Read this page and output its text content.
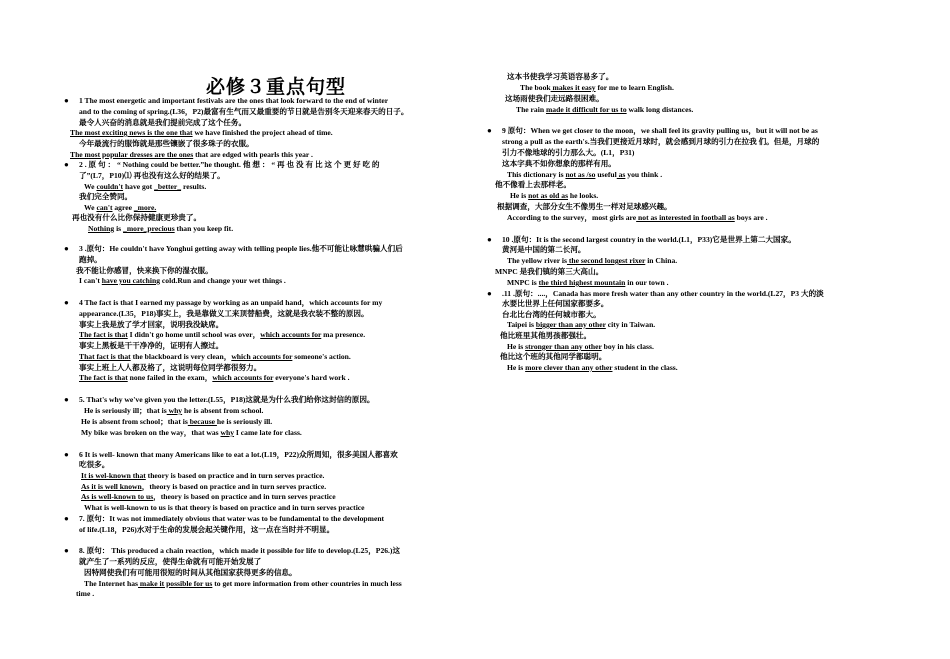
必修３重点句型
● 1 The most energetic and important festivals are the ones that look forward to the end of winter
and to the coming of spring.(L36，P2)最富有生气而又最重要的节日就是告别冬天迎来春天的日子。
最令人兴奋的消息就是我们提前完成了这个任务。
The most exciting news is the one that we have finished the project ahead of time.
今年最流行的服饰就是那些镶嵌了很多珠子的衣服。
The most popular dresses are the ones that are edged with pearls this year .
● 2 . 原 句 ： “ Nothing could be better.”he thought. 他 想 ： “ 再 也 没 有 比 这 个 更 好 吃 的
了”(L7，P10)⑴ 再也没有这么好的结果了。
We couldn't have got _better_ results.
我们完全赞同。
We can't agree _more.
再也没有什么比你保持健康更珍贵了。
Nothing is _more_precious than you keep fit.
● 3 .原句：He couldn't have Yonghui getting away with telling people lies.他不可能让咏慧哄骗人们后
跑掉。
我不能让你感冒，快来换下你的湿衣服。
I can't have you catching cold.Run and change your wet things .
● 4 The fact is that I earned my passage by working as an unpaid hand，which accounts for my
appearance.(L35，P18)事实上，我是靠做义工来顶替船费，这就是我衣装不整的原因。
事实上我是放了学才回家，说明我没缺席。
The fact is that I didn't go home until school was over，which accounts for ma presence.
事实上黑板是干干净净的，证明有人擦过。
That fact is that the blackboard is very clean，which accounts for someone's action.
事实上班上人人都及格了，这说明每位同学都很努力。
The fact is that none failed in the exam，which accounts for everyone's hard work .
● 5. That's why we've given you the letter.(L55，P18)这就是为什么我们给你这封信的原因。
He is seriously ill；that is why he is absent from school.
He is absent from school；that is because he is seriously ill.
My bike was broken on the way，that was why I came late for class.
● 6 It is well- known that many Americans like to eat a lot.(L19，P22)众所周知，很多美国人都喜欢
吃很多。
It is wel-known that theory is based on practice and in turn serves practice.
As it is well known，theory is based on practice and in turn serves practice.
As is well-known to us，theory is based on practice and in turn serves practice
What is well-known to us is that theory is based on practice and in turn serves practice
● 7. 原句：It was not immediately obvious that water was to be fundamental to the development
of life.(L18，P26)水对于生命的发展会起关键作用，这一点在当时并不明显。
● 8. 原句： This produced a chain reaction，which made it possible for life to develop.(L25，P26.)这
就产生了一系列的反应，使得生命就有可能开始发展了
因特网使我们有可能用很短的时间从其他国家获得更多的信息。
The Internet has make it possible for us to get more information from other countries in much less
time .
这本书使我学习英语容易多了。
The book makes it easy for me to learn English.
这场雨使我们走远路很困难。
The rain made it difficult for us to walk long distances.
● 9 原句：When we get closer to the moon，we shall feel its gravity pulling us，but it will not be as
strong a pull as the earth's.当我们更接近月球时，就会感到月球的引力在拉我 们。但是，月球的
引力不像地球的引力那么大。(L1，P31)
这本字典不如你想象的那样有用。
This dictionary is not as /so useful as you think .
他不像看上去那样老。
He is not as old as he looks.
根据调查，大部分女生不像男生一样对足球感兴趣。
According to the survey，most girls are not as interested in football as boys are .
● 10 .原句：It is the second largest country in the world.(L1，P33)它是世界上第二大国家。
黄河是中国的第二长河。
The yellow river is the second longest rixer in China.
MNPC 是我们镇的第三大高山。
MNPC is the third highest mountain in our town .
● .11 .原句：....，Canada has more fresh water than any other country in the world.(L27，P3 大的淡
水要比世界上任何国家都要多。
台北比台湾的任何城市都大。
Taipei is bigger than any other city in Taiwan.
他比班里其他男孩都强壮。
He is stronger than any other boy in his class.
他比这个班的其他同学都聪明。
He is more clever than any other student in the class.
